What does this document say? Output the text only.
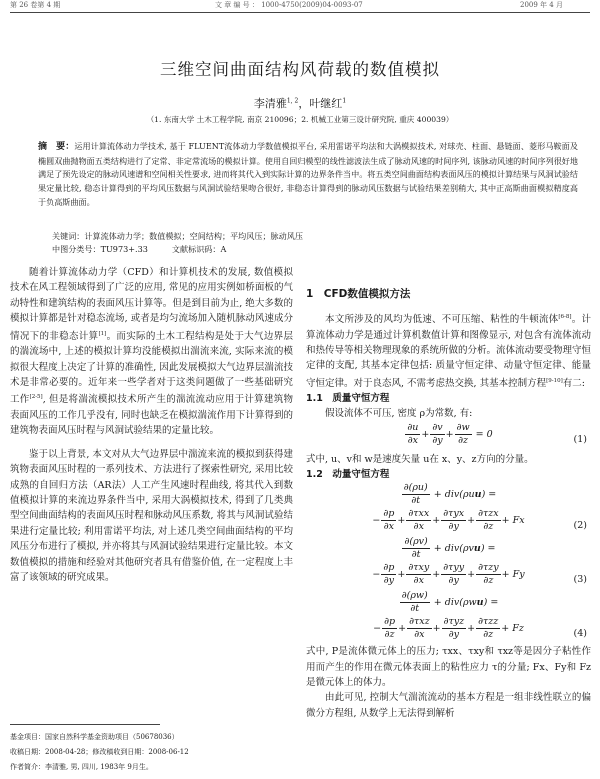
第 26 卷第 4 期	文 章 编 号 ： 1000-4750(2009)04-0093-07	2009 年 4 月
三维空间曲面结构风荷载的数值模拟
李清雅$^{1, 2}$，叶继红$^1$
（1. 东南大学 土木工程学院, 南京 210096；2. 机械工业第三设计研究院, 重庆 400039）
摘　要：运用计算流体动力学技术, 基于 FLUENT流体动力学数值模拟平台, 采用雷诺平均法和大涡模拟技术, 对球壳、柱面、悬链面、菱形马鞍面及椭圆双曲抛物面五类结构进行了定常、非定常流场的模拟计算。使用自回归模型的线性滤波法生成了脉动风速的时间序列, 该脉动风速的时间序列很好地满足了预先设定的脉动风速谱和空间相关性要求, 进而将其代入到实际计算的边界条件当中。将五类空间曲面结构表面风压的模拟计算结果与风洞试验结果定量比较, 稳态计算得到的平均风压数据与风洞试验结果吻合很好, 非稳态计算得到的脉动风压数据与试验结果差别稍大, 其中正高斯曲面模拟精度高于负高斯曲面。
关键词：计算流体动力学；数值模拟；空间结构；平均风压；脉动风压
中图分类号：TU973+.33	文献标识码：A

随着计算流体动力学（CFD）和计算机技术的发展, 数值模拟技术在风工程领域得到了广泛的应用, 常见的应用实例如桥面板的气动特性和建筑结构的表面风压计算等。但是到目前为止, 绝大多数的模拟计算都是针对稳态流场, 或者是均匀流场加入随机脉动风速成分情况下的非稳态计算[1]。而实际的土木工程结构是处于大气边界层的湍流场中, 上述的模拟计算均没能模拟出湍流来流, 实际来流的模拟很大程度上决定了计算的准确性, 因此发展模拟大气边界层湍流技术是非常必要的。近年来一些学者对于这类问题做了一些基础研究工作[2-5], 但是将湍流模拟技术所产生的湍流流动应用于计算建筑物表面风压的工作几乎没有, 同时也缺乏在模拟湍流作用下计算得到的建筑物表面风压时程与风洞试验结果的定量比较。

鉴于以上背景, 本文对从大气边界层中湍流来流的模拟到获得建筑物表面风压时程的一系列技术、方法进行了探索性研究, 采用比较成熟的自回归方法（AR法）人工产生风速时程曲线, 将其代入到数值模拟计算的来流边界条件当中, 采用大涡模拟技术, 得到了几类典型空间曲面结构的表面风压时程和脉动风压系数, 将其与风洞试验结果进行定量比较; 利用雷诺平均法, 对上述几类空间曲面结构的平均风压分布进行了模拟, 并亦将其与风洞试验结果进行定量比较。本文数值模拟的措施和经验对其他研究者具有借鉴价值, 在一定程度上丰富了该领域的研究成果。

1　CFD数值模拟方法

本文所涉及的风均为低速、不可压缩、粘性的牛顿流体[6-8]。计算流体动力学是通过计算机数值计算和图像显示, 对包含有流体流动和热传导等相关物理现象的系统所做的分析。流体流动要受物理守恒定律的支配, 其基本定律包括: 质量守恒定律、动量守恒定律、能量守恒定律。对于良态风, 不需考虑热交换, 其基本控制方程[9-10]有二:

1.1　质量守恒方程

假设流体不可压, 密度 ρ为常数, 有:

$\frac{\partial u}{\partial x} + \frac{\partial v}{\partial y} + \frac{\partial w}{\partial z} = 0$	(1)

式中, u、v和 w是速度矢量 u在 x、y、z方向的分量。

1.2　动量守恒方程
$\frac{\partial(\rho u)}{\partial t} + div(\rho uu)$ =
− $\frac{\partial p}{\partial x} + \frac{\text{∂τxx}}{\partial x} + \frac{\text{∂τyx}}{\partial y} + \frac{\text{∂τzx}}{\partial z} + Fx$	(2)
$\frac{\partial(\rho v)}{\partial t} + div(\rho vu)$ =
− $\frac{\partial p}{\partial y} + \frac{\text{∂τxy}}{\partial x} + \frac{\text{∂τyy}}{\partial y} + \frac{\text{∂τzy}}{\partial z} + Fy$	(3)
$\frac{\partial(\rho w)}{\partial t} + div(\rho wu)$ =
− $\frac{\partial p}{\partial z} + \frac{\text{∂τxz}}{\partial x} + \frac{\text{∂τyz}}{\partial y} + \frac{\text{∂τzz}}{\partial z} + Fz$	(4)

式中, P是流体微元体上的压力; τxx、τxy和 τxz等是因分子粘性作用而产生的作用在微元体表面上的粘性应力 τ的分量; Fx、Fy和 Fz是微元体上的体力。

由此可见, 控制大气湍流流动的基本方程是一组非线性联立的偏微分方程组, 从数学上无法得到解析

基金项目：国家自然科学基金资助项目（50678036）
收稿日期：2008-04-28；修改稿收到日期：2008-06-12
作者简介：李清雅, 男, 四川, 1983年 9月生。
